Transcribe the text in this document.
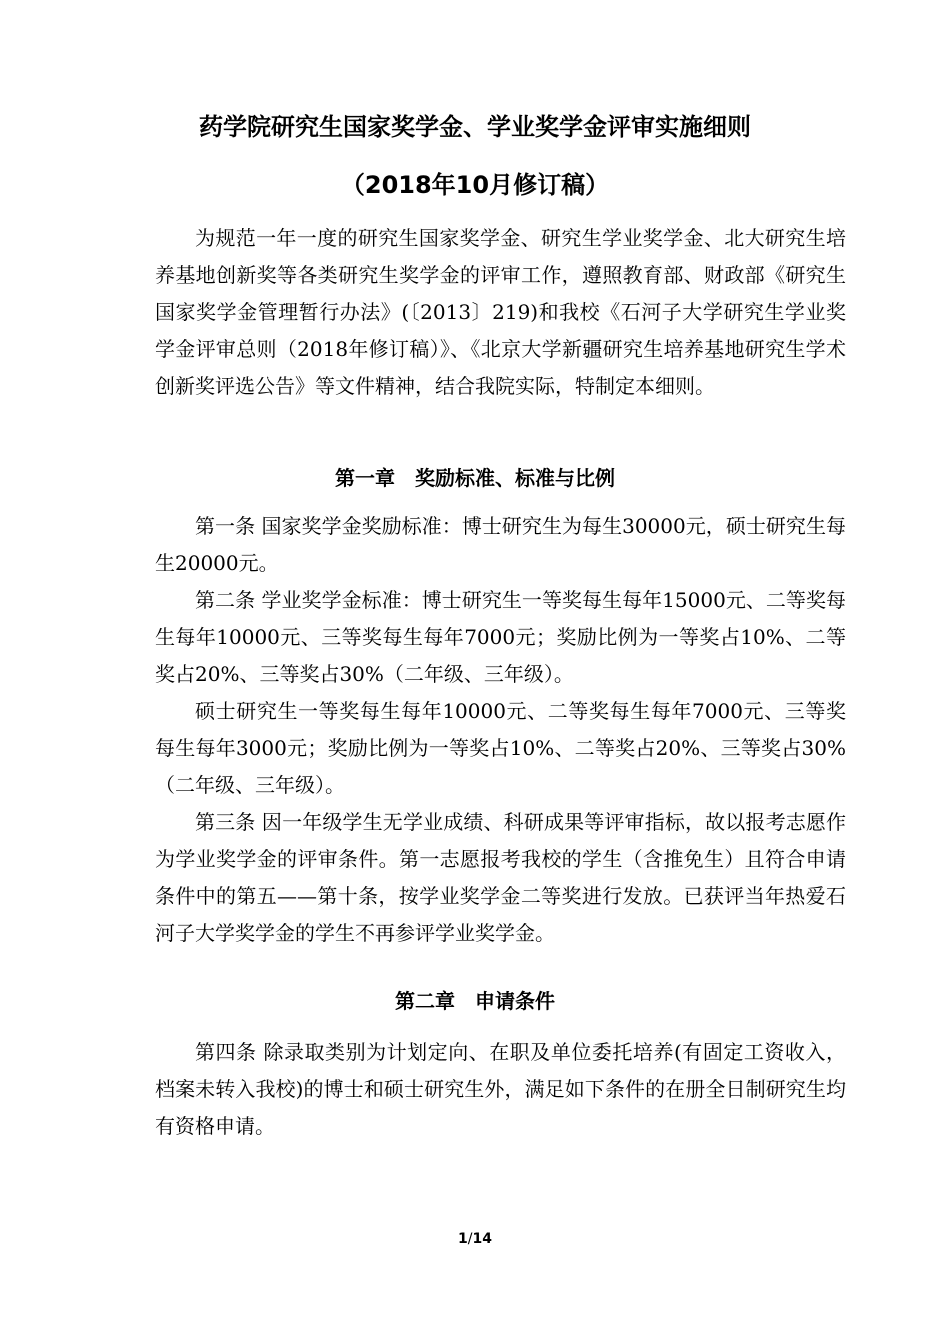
药学院研究生国家奖学金、学业奖学金评审实施细则
（2018年10月修订稿）

为规范一年一度的研究生国家奖学金、研究生学业奖学金、北大研究生培养基地创新奖等各类研究生奖学金的评审工作，遵照教育部、财政部《研究生国家奖学金管理暂行办法》(〔2013〕219)和我校《石河子大学研究生学业奖学金评审总则（2018年修订稿）》、《北京大学新疆研究生培养基地研究生学术创新奖评选公告》等文件精神，结合我院实际，特制定本细则。

第一章　奖励标准、标准与比例

第一条 国家奖学金奖励标准：博士研究生为每生30000元，硕士研究生每生20000元。

第二条 学业奖学金标准：博士研究生一等奖每生每年15000元、二等奖每生每年10000元、三等奖每生每年7000元；奖励比例为一等奖占10%、二等奖占20%、三等奖占30%（二年级、三年级）。

硕士研究生一等奖每生每年10000元、二等奖每生每年7000元、三等奖每生每年3000元；奖励比例为一等奖占10%、二等奖占20%、三等奖占30%（二年级、三年级）。

第三条 因一年级学生无学业成绩、科研成果等评审指标，故以报考志愿作为学业奖学金的评审条件。第一志愿报考我校的学生（含推免生）且符合申请条件中的第五——第十条，按学业奖学金二等奖进行发放。已获评当年热爱石河子大学奖学金的学生不再参评学业奖学金。

第二章　申请条件

第四条 除录取类别为计划定向、在职及单位委托培养(有固定工资收入，档案未转入我校)的博士和硕士研究生外，满足如下条件的在册全日制研究生均有资格申请。

1/14
